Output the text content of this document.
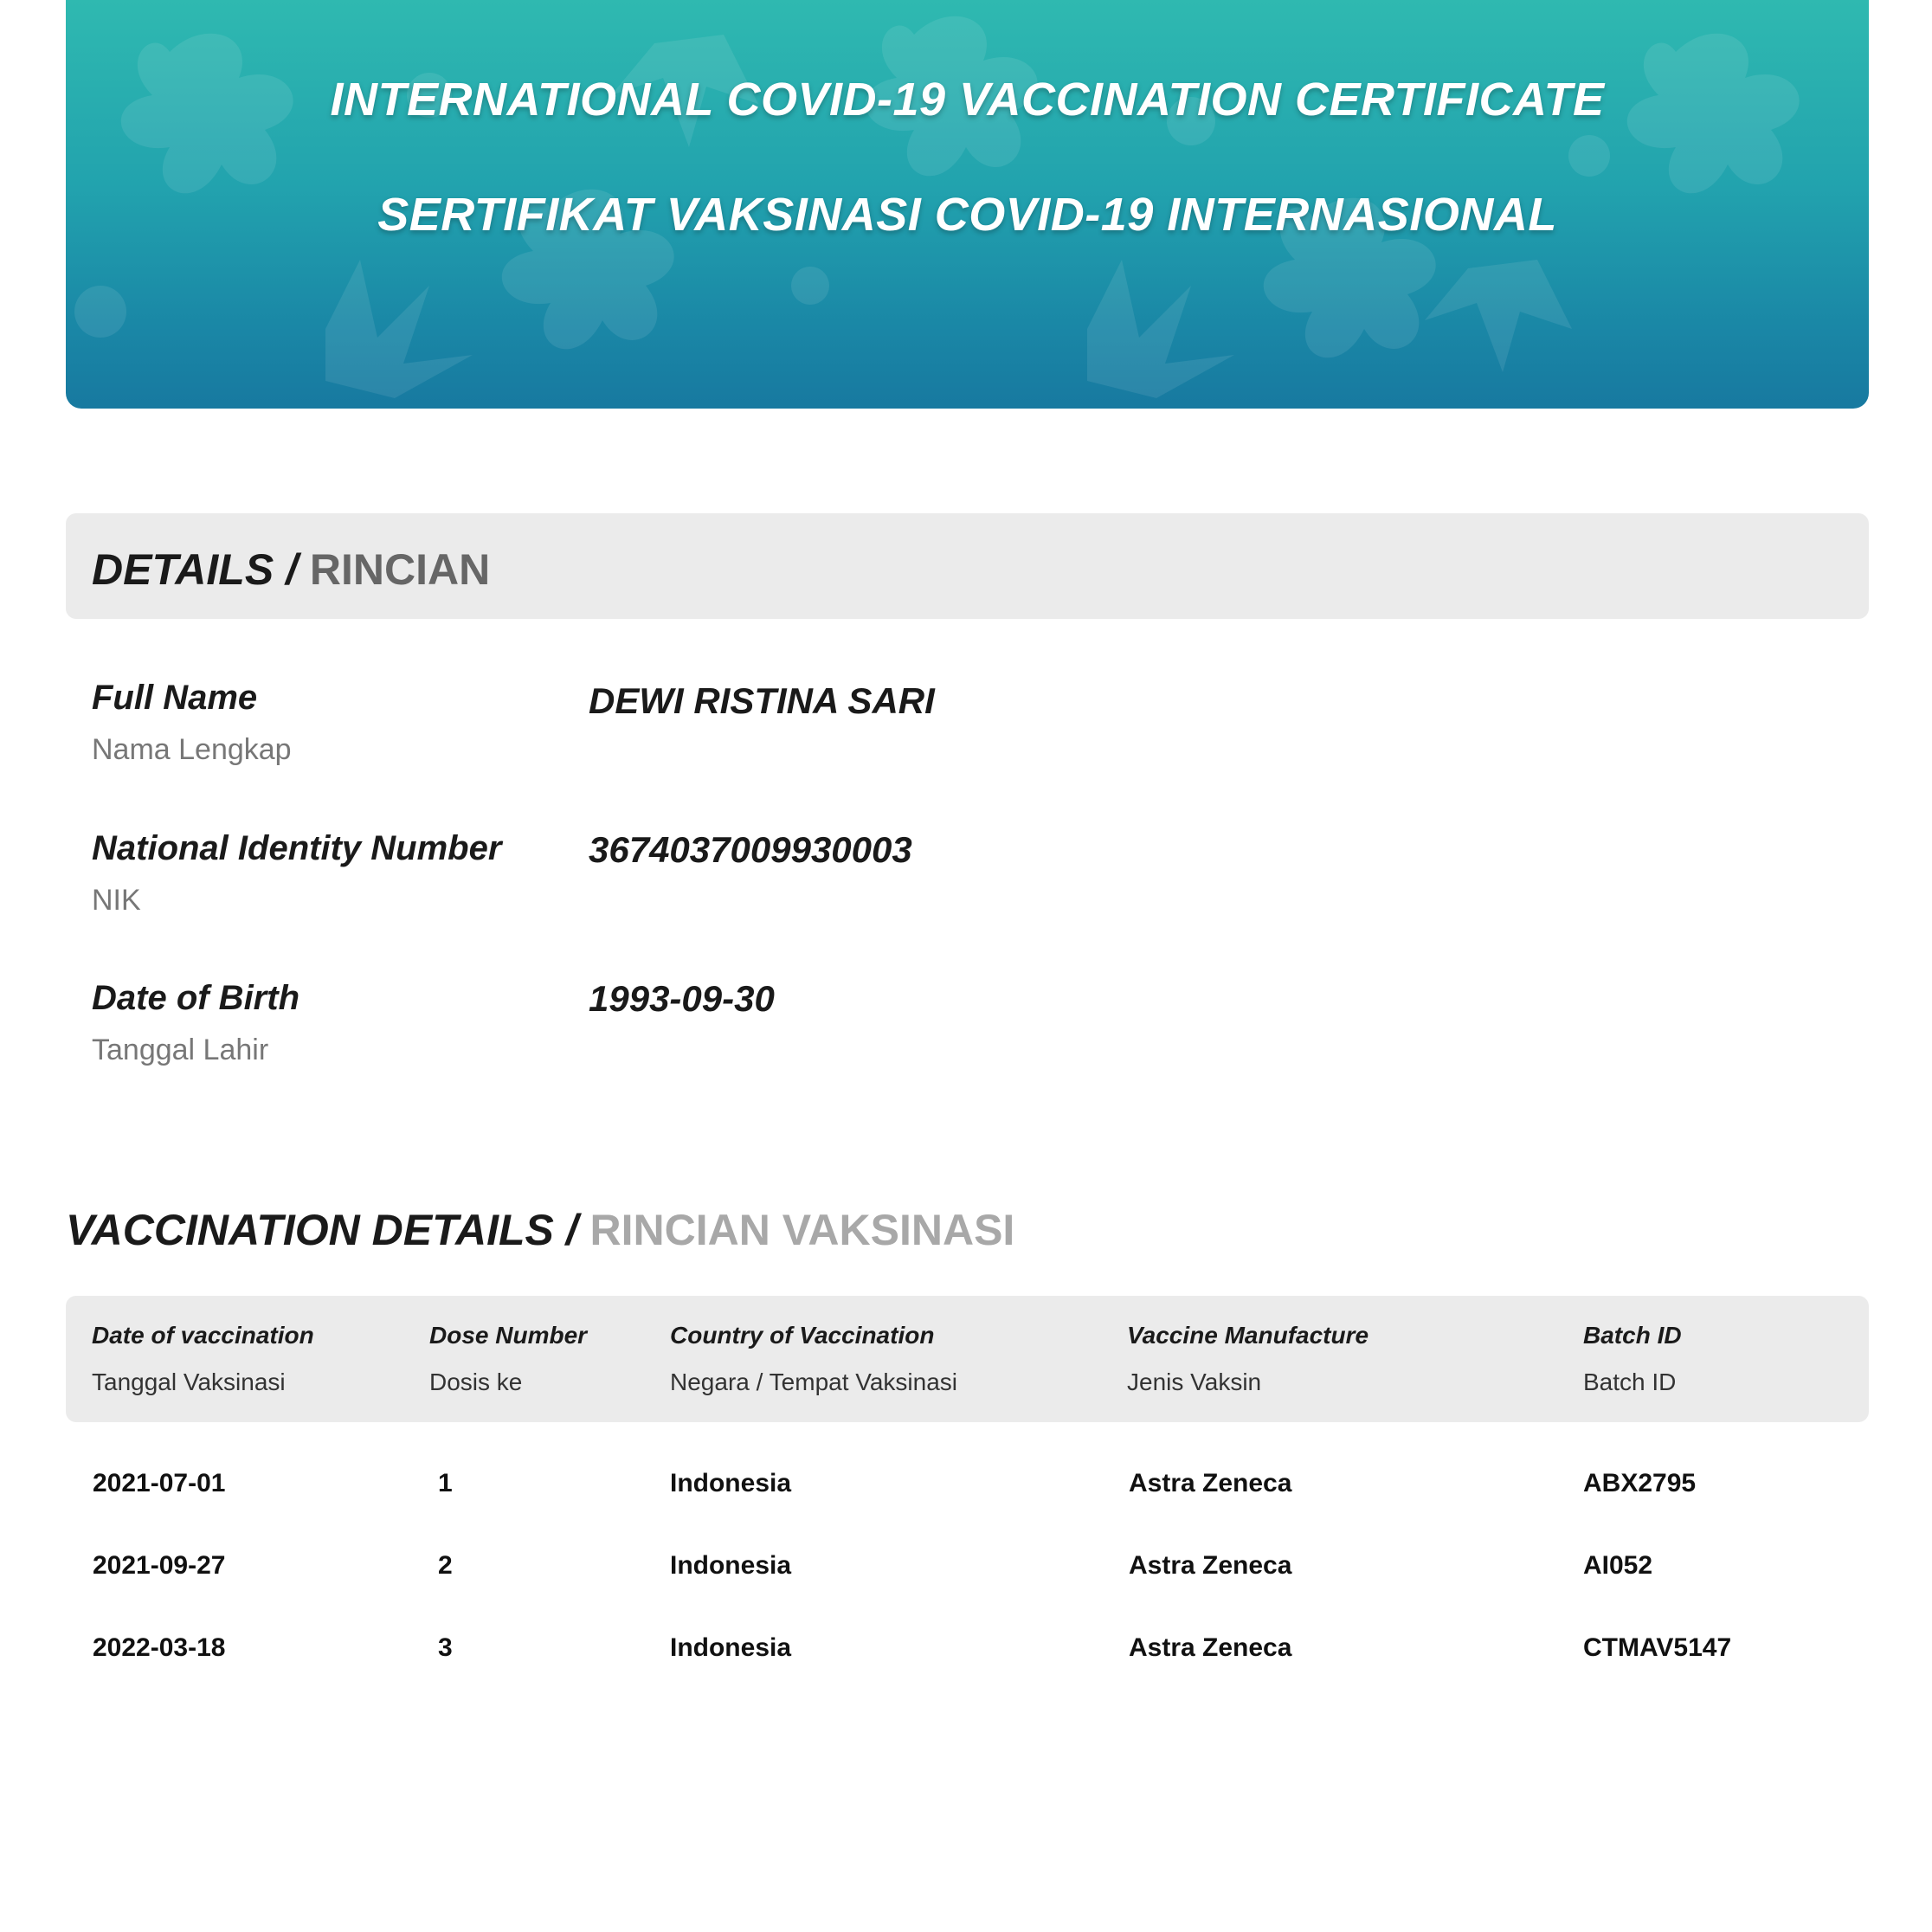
INTERNATIONAL COVID-19 VACCINATION CERTIFICATE
SERTIFIKAT VAKSINASI COVID-19 INTERNASIONAL
DETAILS / RINCIAN
Full Name
Nama Lengkap
DEWI RISTINA SARI
National Identity Number
NIK
3674037009930003
Date of Birth
Tanggal Lahir
1993-09-30
VACCINATION DETAILS / RINCIAN VAKSINASI
Date of vaccination
Tanggal Vaksinasi
Dose Number
Dosis ke
Country of Vaccination
Negara / Tempat Vaksinasi
Vaccine Manufacture
Jenis Vaksin
Batch ID
Batch ID
2021-07-01	1	Indonesia	Astra Zeneca	ABX2795
2021-09-27	2	Indonesia	Astra Zeneca	AI052
2022-03-18	3	Indonesia	Astra Zeneca	CTMAV5147
